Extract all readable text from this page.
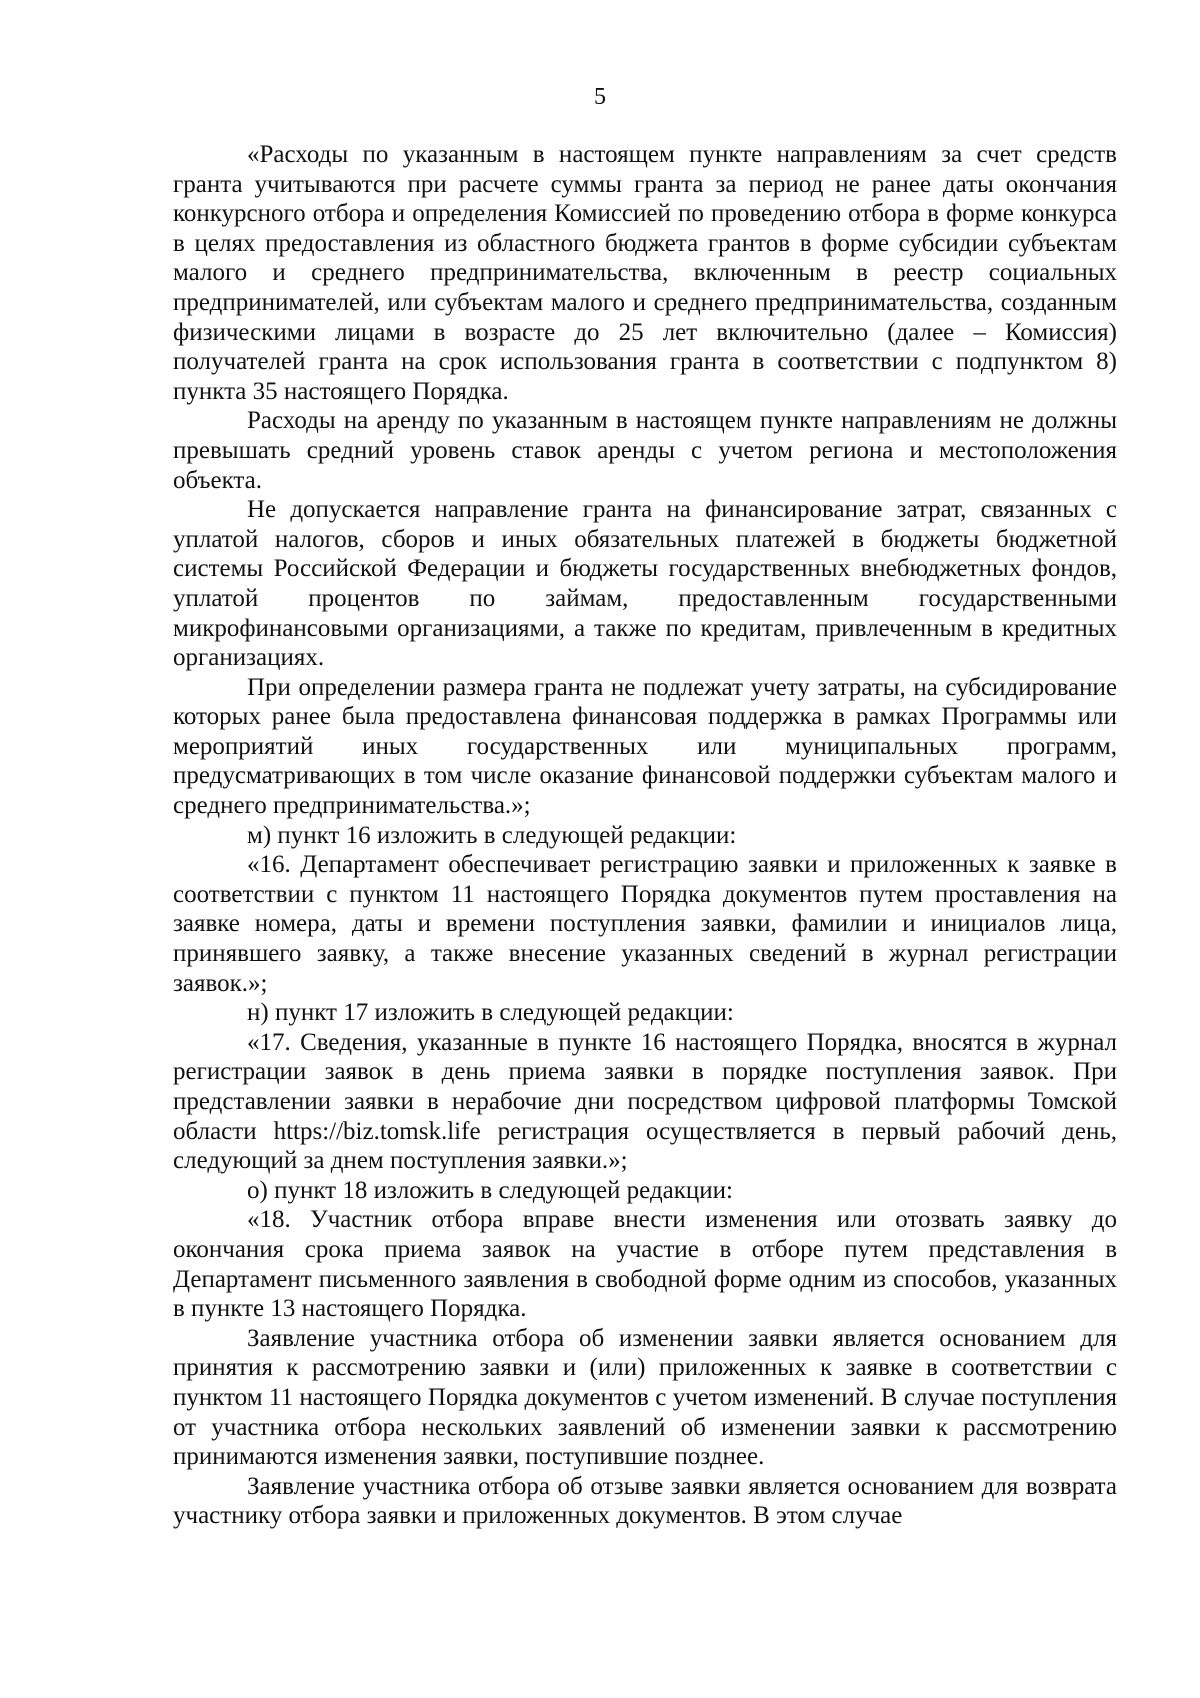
5

«Расходы по указанным в настоящем пункте направлениям за счет средств гранта учитываются при расчете суммы гранта за период не ранее даты окончания конкурсного отбора и определения Комиссией по проведению отбора в форме конкурса в целях предоставления из областного бюджета грантов в форме субсидии субъектам малого и среднего предпринимательства, включенным в реестр социальных предпринимателей, или субъектам малого и среднего предпринимательства, созданным физическими лицами в возрасте до 25 лет включительно (далее – Комиссия) получателей гранта на срок использования гранта в соответствии с подпунктом 8) пункта 35 настоящего Порядка.

Расходы на аренду по указанным в настоящем пункте направлениям не должны превышать средний уровень ставок аренды с учетом региона и местоположения объекта.

Не допускается направление гранта на финансирование затрат, связанных с уплатой налогов, сборов и иных обязательных платежей в бюджеты бюджетной системы Российской Федерации и бюджеты государственных внебюджетных фондов, уплатой процентов по займам, предоставленным государственными микрофинансовыми организациями, а также по кредитам, привлеченным в кредитных организациях.

При определении размера гранта не подлежат учету затраты, на субсидирование которых ранее была предоставлена финансовая поддержка в рамках Программы или мероприятий иных государственных или муниципальных программ, предусматривающих в том числе оказание финансовой поддержки субъектам малого и среднего предпринимательства.»;

м) пункт 16 изложить в следующей редакции:

«16. Департамент обеспечивает регистрацию заявки и приложенных к заявке в соответствии с пунктом 11 настоящего Порядка документов путем проставления на заявке номера, даты и времени поступления заявки, фамилии и инициалов лица, принявшего заявку, а также внесение указанных сведений в журнал регистрации заявок.»;

н) пункт 17 изложить в следующей редакции:

«17. Сведения, указанные в пункте 16 настоящего Порядка, вносятся в журнал регистрации заявок в день приема заявки в порядке поступления заявок. При представлении заявки в нерабочие дни посредством цифровой платформы Томской области https://biz.tomsk.life регистрация осуществляется в первый рабочий день, следующий за днем поступления заявки.»;

о) пункт 18 изложить в следующей редакции:

«18. Участник отбора вправе внести изменения или отозвать заявку до окончания срока приема заявок на участие в отборе путем представления в Департамент письменного заявления в свободной форме одним из способов, указанных в пункте 13 настоящего Порядка.

Заявление участника отбора об изменении заявки является основанием для принятия к рассмотрению заявки и (или) приложенных к заявке в соответствии с пунктом 11 настоящего Порядка документов с учетом изменений. В случае поступления от участника отбора нескольких заявлений об изменении заявки к рассмотрению принимаются изменения заявки, поступившие позднее.

Заявление участника отбора об отзыве заявки является основанием для возврата участнику отбора заявки и приложенных документов. В этом случае
